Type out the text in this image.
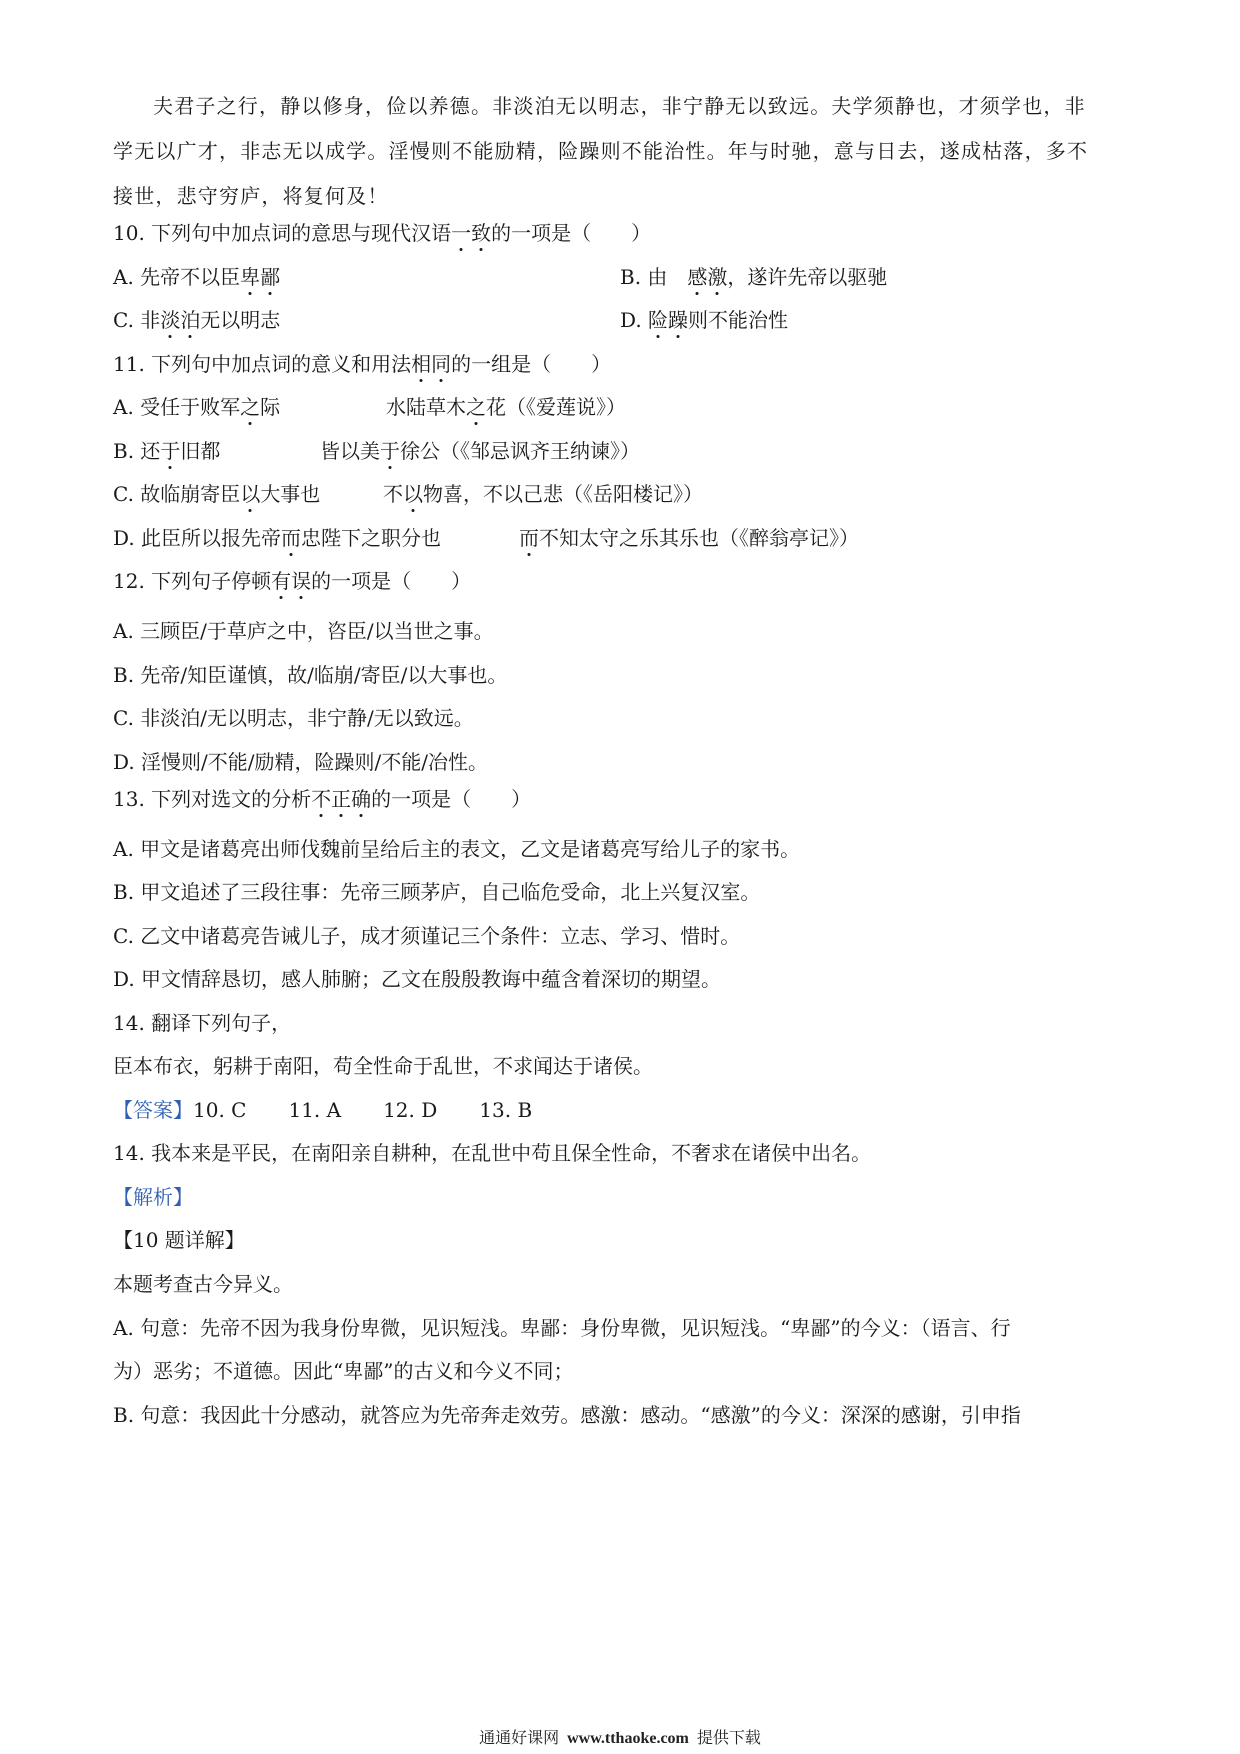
夫君子之行，静以修身，俭以养德。非淡泊无以明志，非宁静无以致远。夫学须静也，才须学也，非
学无以广才，非志无以成学。淫慢则不能励精，险躁则不能治性。年与时驰，意与日去，遂成枯落，多不
接世，悲守穷庐，将复何及！
10. 下列句中加点词的意思与现代汉语一致的一项是（　　）
A. 先帝不以臣卑鄙	B. 由　感激，遂许先帝以驱驰
C. 非淡泊无以明志	D. 险躁则不能治性
11. 下列句中加点词的意义和用法相同的一组是（　　）
A. 受任于败军之际	水陆草木之花（《爱莲说》）
B. 还于旧都	皆以美于徐公（《邹忌讽齐王纳谏》）
C. 故临崩寄臣以大事也	不以物喜，不以己悲（《岳阳楼记》）
D. 此臣所以报先帝而忠陛下之职分也	而不知太守之乐其乐也（《醉翁亭记》）
12. 下列句子停顿有误的一项是（　　）
A. 三顾臣/于草庐之中，咨臣/以当世之事。
B. 先帝/知臣谨慎，故/临崩/寄臣/以大事也。
C. 非淡泊/无以明志，非宁静/无以致远。
D. 淫慢则/不能/励精，险躁则/不能/冶性。
13. 下列对选文的分析不正确的一项是（　　）
A. 甲文是诸葛亮出师伐魏前呈给后主的表文，乙文是诸葛亮写给儿子的家书。
B. 甲文追述了三段往事：先帝三顾茅庐，自己临危受命，北上兴复汉室。
C. 乙文中诸葛亮告诫儿子，成才须谨记三个条件：立志、学习、惜时。
D. 甲文情辞恳切，感人肺腑；乙文在殷殷教诲中蕴含着深切的期望。
14. 翻译下列句子，
臣本布衣，躬耕于南阳，苟全性命于乱世，不求闻达于诸侯。
【答案】10. C 11. A 12. D 13. B
14. 我本来是平民，在南阳亲自耕种，在乱世中苟且保全性命，不奢求在诸侯中出名。
【解析】
【10 题详解】
本题考查古今异义。
A. 句意：先帝不因为我身份卑微，见识短浅。卑鄙：身份卑微，见识短浅。“卑鄙”的今义：（语言、行
为）恶劣；不道德。因此“卑鄙”的古义和今义不同；
B. 句意：我因此十分感动，就答应为先帝奔走效劳。感激：感动。“感激”的今义：深深的感谢，引申指
通通好课网 www.tthaoke.com 提供下载
